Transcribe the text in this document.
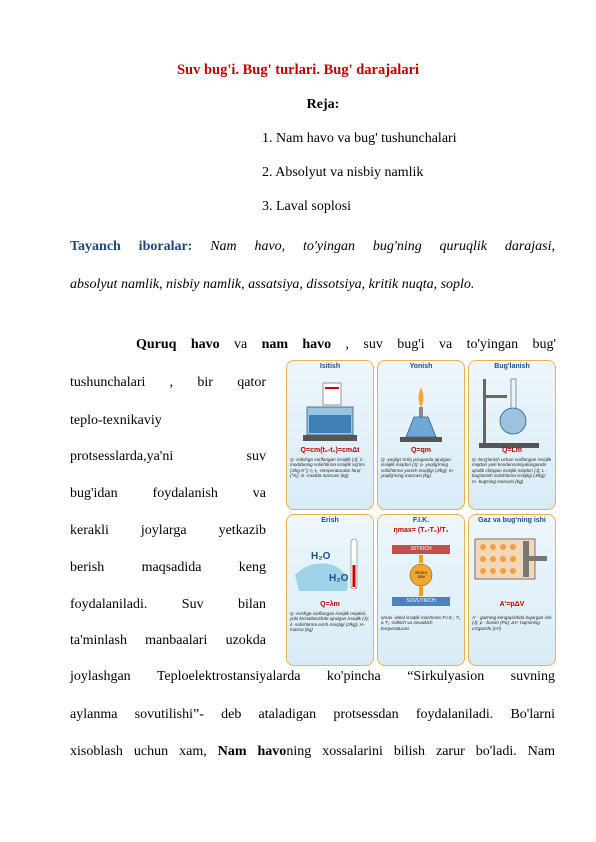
Suv bug'i. Bug' turlari. Bug' darajalari
Reja:
1. Nam havo va bug' tushunchalari
2. Absolyut va nisbiy namlik
3. Laval soplosi
Tayanch iboralar: Nam havo, to'yingan bug'ning quruqlik darajasi,
absolyut namlik, nisbiy namlik, assatsiya, dissotsiya, kritik nuqta, soplo.
Quruq havo va nam havo , suv bug'i va to'yingan bug'
tushunchalari , bir qator
teplo-texnikaviy
protsesslarda,ya'ni suv
bug'idan foydalanish va
kerakli joylarga yetkazib
berish maqsadida keng
foydalaniladi. Suv bilan
ta'minlash manbaalari uzokda
Isitish
Q=cm(t₂-t₁)=cmΔt
Q -isitishga sarflangan issiqlik (J); C -moddaning solishtirma issiqlik sig'imi (J/kg K°); t₂-t₁ -temperaturalar farqi (°K); m -modda massasi (kg)
Yonish
Q=qm
Q -yoqilg'i to'liq yonganda ajralgan issiqlik miqdori (J); q- yoqilg'ining solishtirma yonish issiqligi (J/kg); m- yoqilg'ining massasi (kg)
Bug'lanish
Q=Lm
Q -bo'g'lanish uchun sarflangan issiqlik miqdori yoki kondensatsiyalanganda ajralib chiqqan issiqlik miqdori (J); L -bug'lanish solishtirma issiqligi (J/kg); m- bug'ning massasi (kg)
Erish
H₂O
H₂O
Q=λm
Q -erishga sarflangan issiqlik miqdori, yoki kristallanishda ajralgan issiqlik (J); λ -solishtirma erish issiqligi (J/kg); m- massa (kg)
F.I.K.
ηmax= (T₁-T₂)/T₁
ISITKICH
ISHCHI JISM
SOVUTKICH
ηmax -ideal issiqlik mashinasi F.I.K.; T₁ a T₂ -isitkich va sovutkich temperaturasi
Gaz va bug'ning ishi
A'=pΔV
A' - gazning kengayishida bajargan ishi (J); p - bosim (Pa); ΔV- hajmining o'zgarishi (m³)
joylashgan Teploelektrostansiyalarda ko'pincha “Sirkulyasion suvning
aylanma sovutilishi”- deb ataladigan protsessdan foydalaniladi. Bo'larni
xisoblash uchun xam, Nam havoning xossalarini bilish zarur bo'ladi. Nam
